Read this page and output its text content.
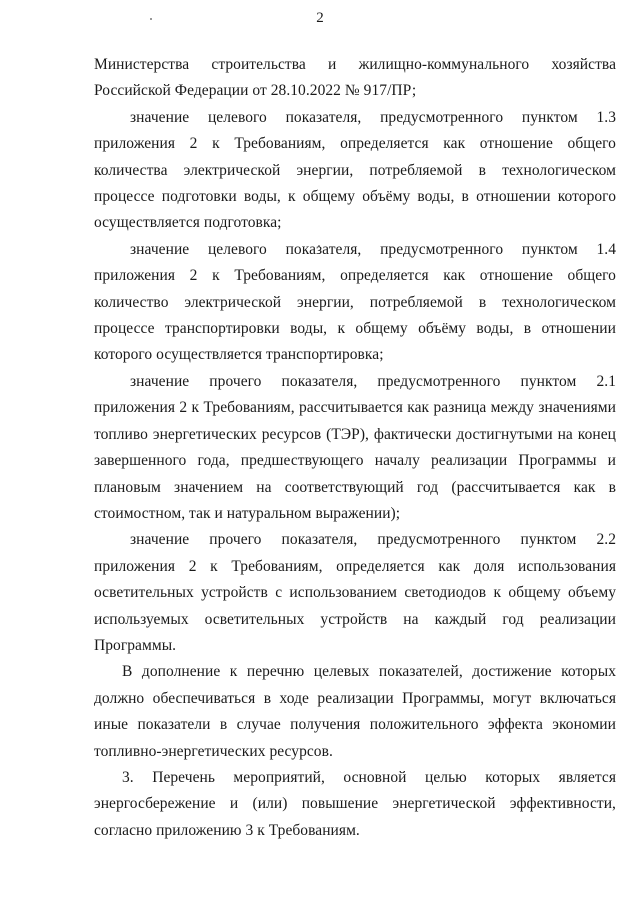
2

Министерства строительства и жилищно-коммунального хозяйства Российской Федерации от 28.10.2022 № 917/ПР;

значение целевого показателя, предусмотренного пунктом 1.3 приложения 2 к Требованиям, определяется как отношение общего количества электрической энергии, потребляемой в технологическом процессе подготовки воды, к общему объёму воды, в отношении которого осуществляется подготовка;

значение целевого показателя, предусмотренного пунктом 1.4 приложения 2 к Требованиям, определяется как отношение общего количество электрической энергии, потребляемой в технологическом процессе транспортировки воды, к общему объёму воды, в отношении которого осуществляется транспортировка;

значение прочего показателя, предусмотренного пунктом 2.1 приложения 2 к Требованиям, рассчитывается как разница между значениями топливо энергетических ресурсов (ТЭР), фактически достигнутыми на конец завершенного года, предшествующего началу реализации Программы и плановым значением на соответствующий год (рассчитывается как в стоимостном, так и натуральном выражении);

значение прочего показателя, предусмотренного пунктом 2.2 приложения 2 к Требованиям, определяется как доля использования осветительных устройств с использованием светодиодов к общему объему используемых осветительных устройств на каждый год реализации Программы.

В дополнение к перечню целевых показателей, достижение которых должно обеспечиваться в ходе реализации Программы, могут включаться иные показатели в случае получения положительного эффекта экономии топливно-энергетических ресурсов.

3. Перечень мероприятий, основной целью которых является энергосбережение и (или) повышение энергетической эффективности, согласно приложению 3 к Требованиям.
